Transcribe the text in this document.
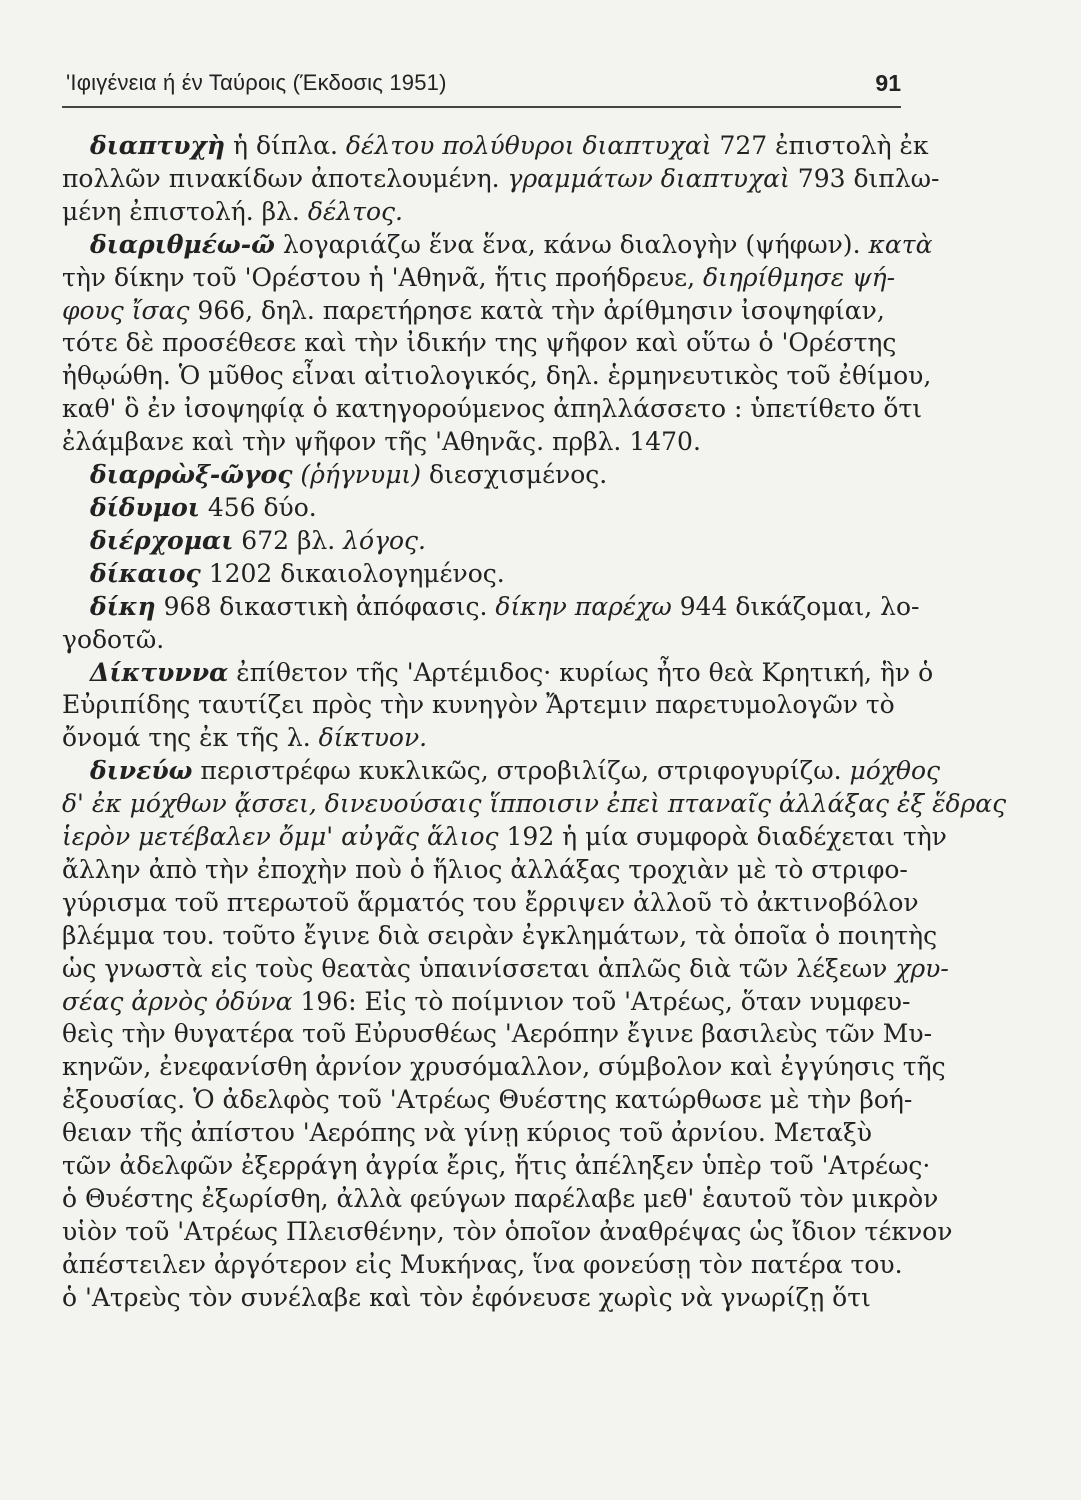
'Ιφιγένεια ή έν Ταύροις (Έκδοσις 1951)	91

διαπτυχὴ ἡ δίπλα. δέλτου πολύθυροι διαπτυχαὶ 727 ἐπιστολὴ ἐκ
πολλῶν πινακίδων ἀποτελουμένη. γραμμάτων διαπτυχαὶ 793 διπλω-
μένη ἐπιστολή. βλ. δέλτος.

διαριθμέω-ῶ λογαριάζω ἕνα ἕνα, κάνω διαλογὴν (ψήφων). κατὰ
τὴν δίκην τοῦ 'Ορέστου ἡ 'Αθηνᾶ, ἥτις προήδρευε, διηρίθμησε ψή-
φους ἴσας 966, δηλ. παρετήρησε κατὰ τὴν ἀρίθμησιν ἰσοψηφίαν,
τότε δὲ προσέθεσε καὶ τὴν ἰδικήν της ψῆφον καὶ οὕτω ὁ 'Ορέστης
ἠθῳώθη. Ὁ μῦθος εἶναι αἰτιολογικός, δηλ. ἑρμηνευτικὸς τοῦ ἐθίμου,
καθ' ὃ ἐν ἰσοψηφίᾳ ὁ κατηγορούμενος ἀπηλλάσσετο : ὑπετίθετο ὅτι
ἐλάμβανε καὶ τὴν ψῆφον τῆς 'Αθηνᾶς. πρβλ. 1470.

διαρρὼξ-ῶγος (ῥήγνυμι) διεσχισμένος.

δίδυμοι 456 δύο.

διέρχομαι 672 βλ. λόγος.

δίκαιος 1202 δικαιολογημένος.

δίκη 968 δικαστικὴ ἀπόφασις. δίκην παρέχω 944 δικάζομαι, λο-
γοδοτῶ.

Δίκτυννα ἐπίθετον τῆς 'Αρτέμιδος· κυρίως ἦτο θεὰ Κρητική, ἣν ὁ
Εὐριπίδης ταυτίζει πρὸς τὴν κυνηγὸν Ἄρτεμιν παρετυμολογῶν τὸ
ὄνομά της ἐκ τῆς λ. δίκτυον.

δινεύω περιστρέφω κυκλικῶς, στροβιλίζω, στριφογυρίζω. μόχθος
δ' ἐκ μόχθων ᾄσσει, δινευούσαις ἵπποισιν ἐπεὶ πταναῖς ἀλλάξας ἐξ ἕδρας
ἱερὸν μετέβαλεν ὄμμ' αὐγᾶς ἅλιος 192 ἡ μία συμφορὰ διαδέχεται τὴν
ἄλλην ἀπὸ τὴν ἐποχὴν ποὺ ὁ ἥλιος ἀλλάξας τροχιὰν μὲ τὸ στριφο-
γύρισμα τοῦ πτερωτοῦ ἅρματός του ἔρριψεν ἀλλοῦ τὸ ἀκτινοβόλον
βλέμμα του. τοῦτο ἔγινε διὰ σειρὰν ἐγκλημάτων, τὰ ὁποῖα ὁ ποιητὴς
ὡς γνωστὰ εἰς τοὺς θεατὰς ὑπαινίσσεται ἁπλῶς διὰ τῶν λέξεων χρυ-
σέας ἀρνὸς ὀδύνα 196: Εἰς τὸ ποίμνιον τοῦ 'Ατρέως, ὅταν νυμφευ-
θεὶς τὴν θυγατέρα τοῦ Εὐρυσθέως 'Αερόπην ἔγινε βασιλεὺς τῶν Μυ-
κηνῶν, ἐνεφανίσθη ἀρνίον χρυσόμαλλον, σύμβολον καὶ ἐγγύησις τῆς
ἐξουσίας. Ὁ ἀδελφὸς τοῦ 'Ατρέως Θυέστης κατώρθωσε μὲ τὴν βοή-
θειαν τῆς ἀπίστου 'Αερόπης νὰ γίνῃ κύριος τοῦ ἀρνίου. Μεταξὺ
τῶν ἀδελφῶν ἐξερράγη ἀγρία ἔρις, ἥτις ἀπέληξεν ὑπὲρ τοῦ 'Ατρέως·
ὁ Θυέστης ἐξωρίσθη, ἀλλὰ φεύγων παρέλαβε μεθ' ἑαυτοῦ τὸν μικρὸν
υἱὸν τοῦ 'Ατρέως Πλεισθένην, τὸν ὁποῖον ἀναθρέψας ὡς ἴδιον τέκνον
ἀπέστειλεν ἀργότερον εἰς Μυκήνας, ἵνα φονεύσῃ τὸν πατέρα του.
ὁ 'Ατρεὺς τὸν συνέλαβε καὶ τὸν ἐφόνευσε χωρὶς νὰ γνωρίζῃ ὅτι
